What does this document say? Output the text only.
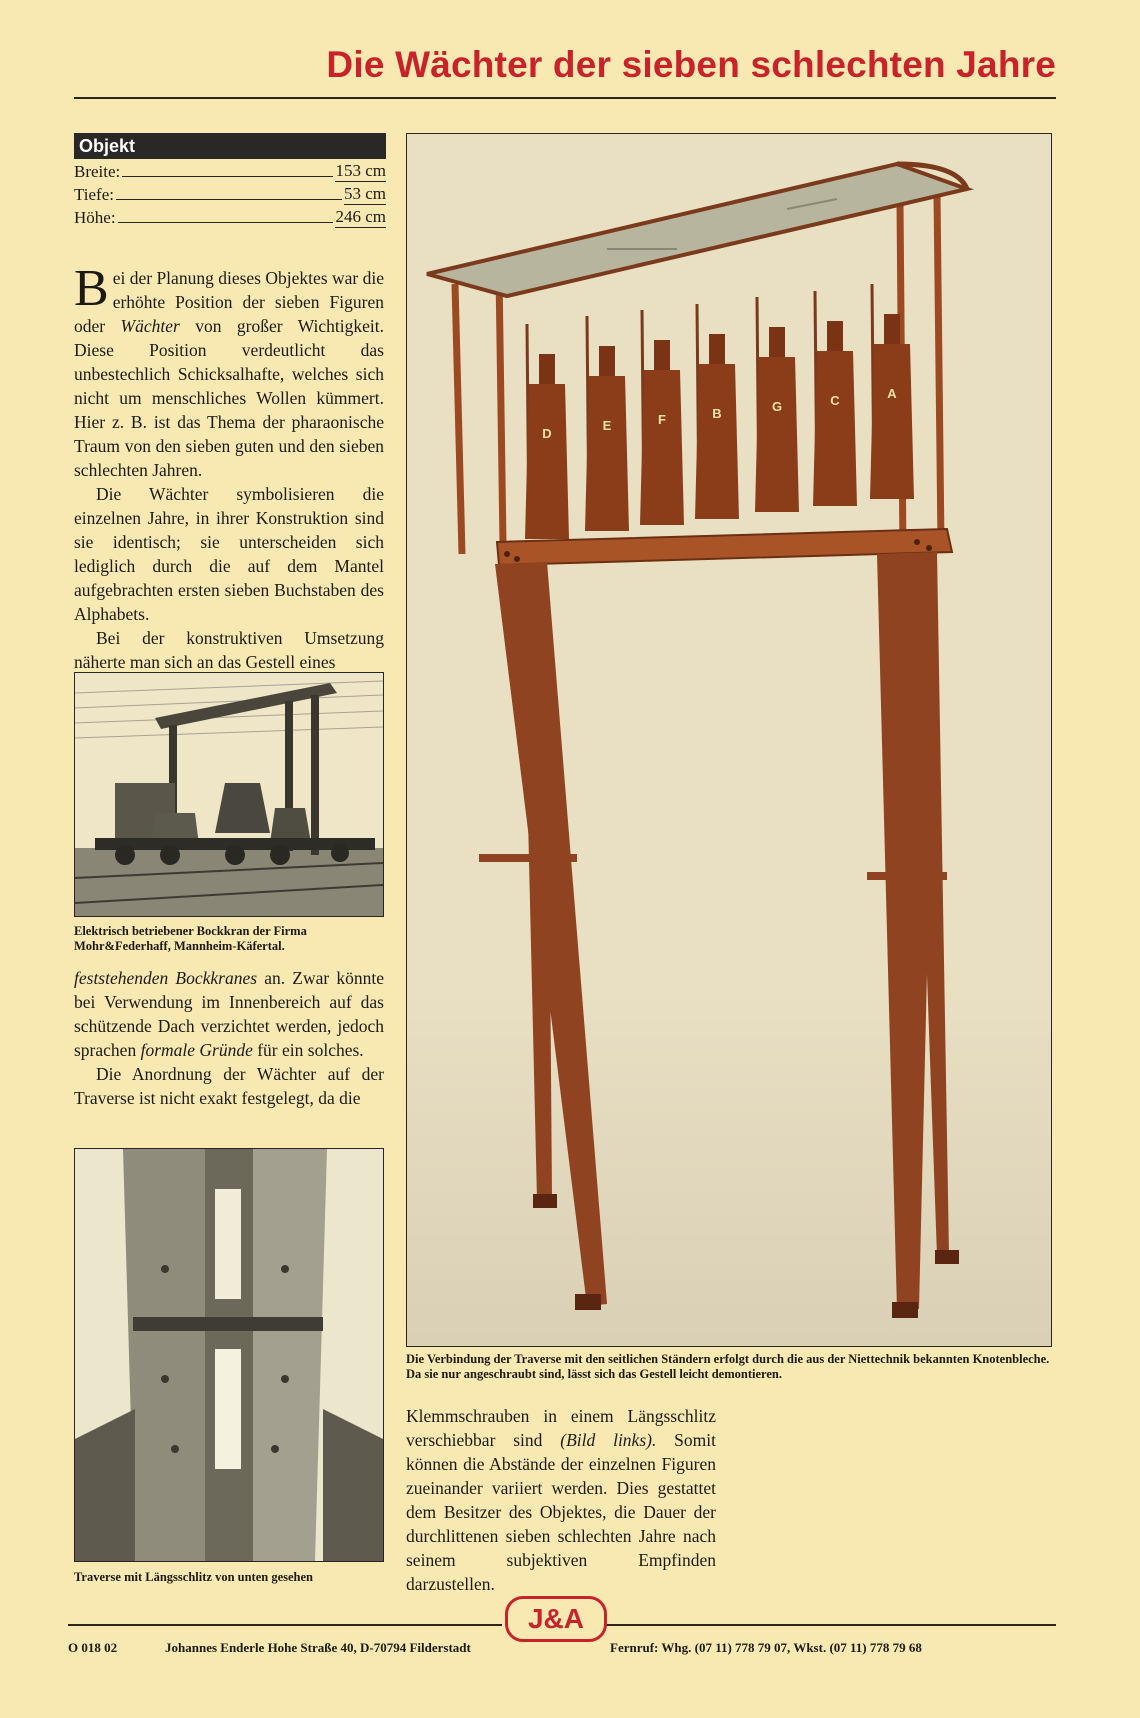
Die Wächter der sieben schlechten Jahre
Objekt
Breite:	153 cm
Tiefe:	53 cm
Höhe:	246 cm

Bei der Planung dieses Objektes war die erhöhte Position der sieben Figuren oder Wächter von großer Wichtigkeit. Diese Position verdeutlicht das unbestechlich Schicksalhafte, welches sich nicht um menschliches Wollen kümmert. Hier z. B. ist das Thema der pharaonische Traum von den sieben guten und den sieben schlechten Jahren.

Die Wächter symbolisieren die einzelnen Jahre, in ihrer Konstruktion sind sie identisch; sie unterscheiden sich lediglich durch die auf dem Mantel aufgebrachten ersten sieben Buchstaben des Alphabets.

Bei der konstruktiven Umsetzung näherte man sich an das Gestell eines

Elektrisch betriebener Bockkran der Firma Mohr&Federhaff, Mannheim-Käfertal.

feststehenden Bockkranes an. Zwar könnte bei Verwendung im Innenbereich auf das schützende Dach verzichtet werden, jedoch sprachen formale Gründe für ein solches.

Die Anordnung der Wächter auf der Traverse ist nicht exakt festgelegt, da die

Traverse mit Längsschlitz von unten gesehen
D
E	F	B	G	C	A
Die Verbindung der Traverse mit den seitlichen Ständern erfolgt durch die aus der Niettechnik bekannten Knotenbleche. Da sie nur angeschraubt sind, lässt sich das Gestell leicht demontieren.

Klemmschrauben in einem Längsschlitz verschiebbar sind (Bild links). Somit können die Abstände der einzelnen Figuren zueinander variiert werden. Dies gestattet dem Besitzer des Objektes, die Dauer der durchlittenen sieben schlechten Jahre nach seinem subjektiven Empfinden darzustellen.

J&A
O 018 02	Johannes Enderle Hohe Straße 40, D-70794 Filderstadt	Fernruf: Whg. (07 11) 778 79 07, Wkst. (07 11) 778 79 68
